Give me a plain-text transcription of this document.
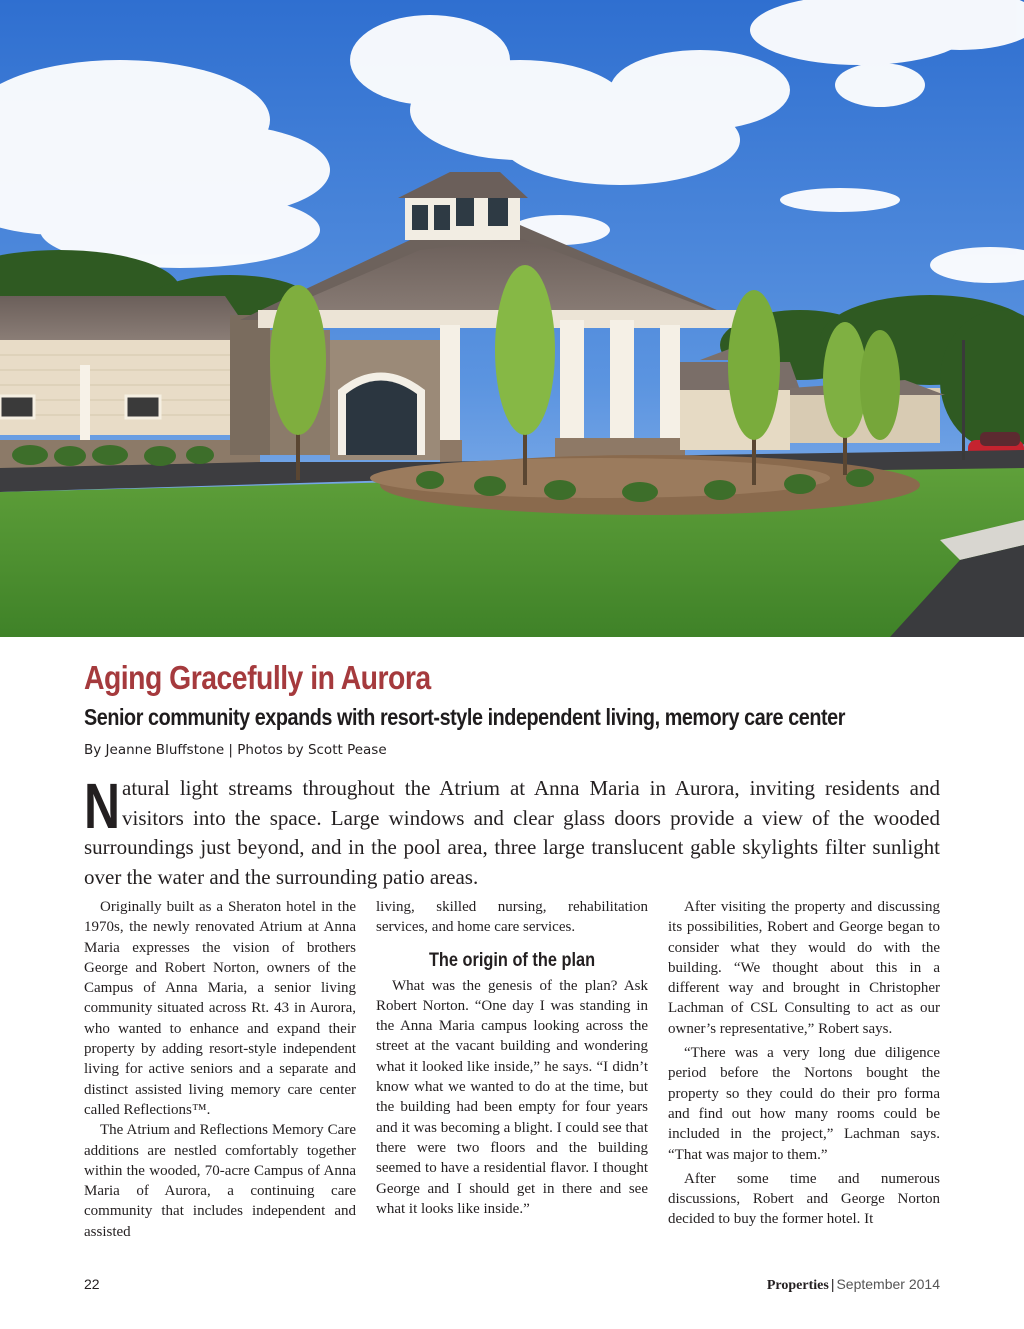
Aging Gracefully in Aurora
Senior community expands with resort-style independent living, memory care center
By Jeanne Bluffstone | Photos by Scott Pease
N atural light streams throughout the Atrium at Anna Maria in Aurora, inviting residents and visitors into the space. Large windows and clear glass doors provide a view of the wooded surroundings just beyond, and in the pool area, three large translucent gable skylights filter sunlight over the water and the surrounding patio areas.

Originally built as a Sheraton hotel in the 1970s, the newly renovated Atrium at Anna Maria expresses the vision of brothers George and Robert Norton, owners of the Campus of Anna Maria, a senior living community situated across Rt. 43 in Aurora, who wanted to enhance and expand their property by adding resort-style independent living for active seniors and a separate and distinct assisted living memory care center called Reflections™.

The Atrium and Reflections Memory Care additions are nestled comfortably together within the wooded, 70-acre Campus of Anna Maria of Aurora, a continuing care community that includes independent and assisted

living, skilled nursing, rehabilitation services, and home care services.

The origin of the plan

What was the genesis of the plan? Ask Robert Norton. “One day I was standing in the Anna Maria campus looking across the street at the vacant building and wondering what it looked like inside,” he says. “I didn’t know what we wanted to do at the time, but the building had been empty for four years and it was becoming a blight. I could see that there were two floors and the building seemed to have a residential flavor. I thought George and I should get in there and see what it looks like inside.”

After visiting the property and discussing its possibilities, Robert and George began to consider what they would do with the building. “We thought about this in a different way and brought in Christopher Lachman of CSL Consulting to act as our owner’s representative,” Robert says.

“There was a very long due diligence period before the Nortons bought the property so they could do their pro forma and find out how many rooms could be included in the project,” Lachman says. “That was major to them.”

After some time and numerous discussions, Robert and George Norton decided to buy the former hotel. It

22	Properties | September 2014
